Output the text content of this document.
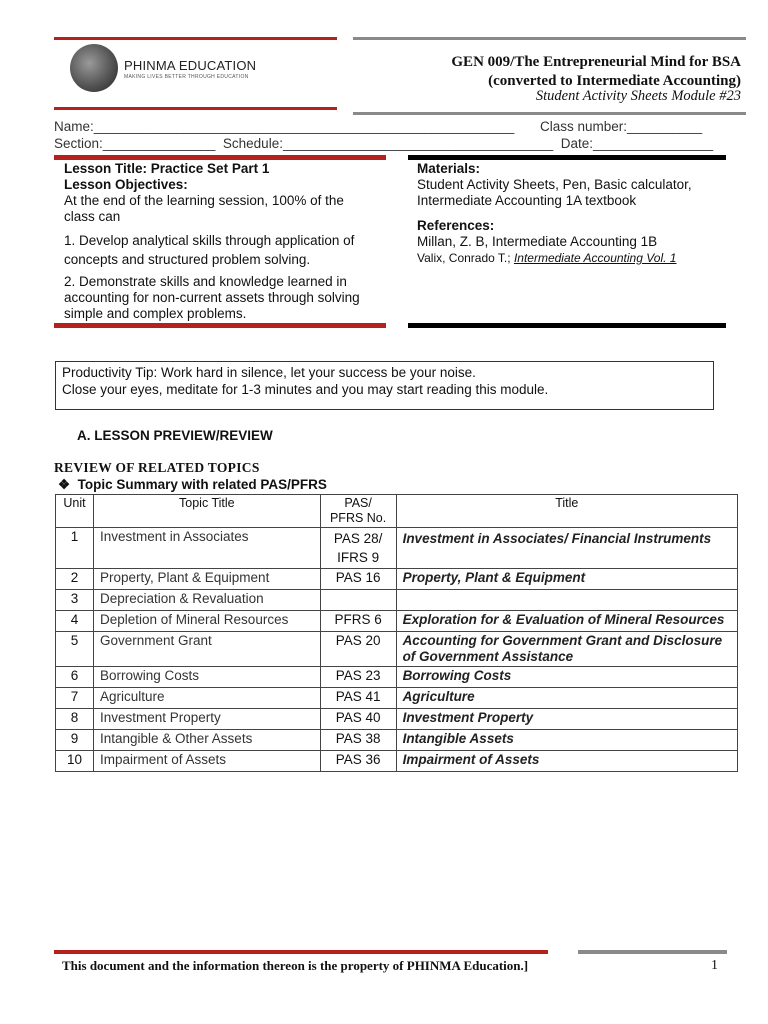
PHINMA EDUCATION
MAKING LIVES BETTER THROUGH EDUCATION
GEN 009/The Entrepreneurial Mind for BSA
(converted to Intermediate Accounting)
Student Activity Sheets Module #23
Name:________________________________________________________ Class number:__________
Section:_______________  Schedule:____________________________________  Date:________________
Lesson Title: Practice Set Part 1
Lesson Objectives:
At the end of the learning session, 100% of the class can
1. Develop analytical skills through application of concepts and structured problem solving.
2. Demonstrate skills and knowledge learned in accounting for non-current assets through solving simple and complex problems.
Materials:
Student Activity Sheets, Pen, Basic calculator, Intermediate Accounting 1A textbook
References:
Millan, Z. B, Intermediate Accounting 1B
Valix, Conrado T.; Intermediate Accounting Vol. 1
Productivity Tip: Work hard in silence, let your success be your noise.
Close your eyes, meditate for 1-3 minutes and you may start reading this module.
A. LESSON PREVIEW/REVIEW
REVIEW OF RELATED TOPICS
❖ Topic Summary with related PAS/PFRS
Unit	Topic Title	PAS/ PFRS No.	Title
1	Investment in Associates	PAS 28/ IFRS 9	Investment in Associates/ Financial Instruments
2	Property, Plant & Equipment	PAS 16	Property, Plant & Equipment
3	Depreciation & Revaluation		
4	Depletion of Mineral Resources	PFRS 6	Exploration for & Evaluation of Mineral Resources
5	Government Grant	PAS 20	Accounting for Government Grant and Disclosure of Government Assistance
6	Borrowing Costs	PAS 23	Borrowing Costs
7	Agriculture	PAS 41	Agriculture
8	Investment Property	PAS 40	Investment Property
9	Intangible & Other Assets	PAS 38	Intangible Assets
10	Impairment of Assets	PAS 36	Impairment of Assets
This document and the information thereon is the property of PHINMA Education.]	1
